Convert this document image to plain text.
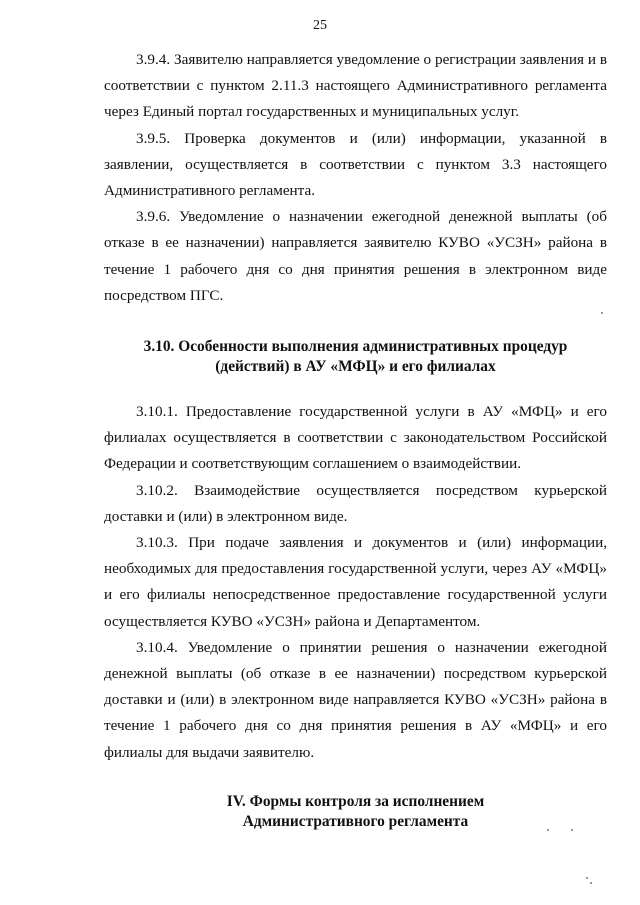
25

3.9.4. Заявителю направляется уведомление о регистрации заявления и в соответствии с пунктом 2.11.3 настоящего Административного регламента через Единый портал государственных и муниципальных услуг.

3.9.5. Проверка документов и (или) информации, указанной в заявлении, осуществляется в соответствии с пунктом 3.3 настоящего Административного регламента.

3.9.6. Уведомление о назначении ежегодной денежной выплаты (об отказе в ее назначении) направляется заявителю КУВО «УСЗН» района в течение 1 рабочего дня со дня принятия решения в электронном виде посредством ПГС.

3.10. Особенности выполнения административных процедур
(действий) в АУ «МФЦ» и его филиалах

3.10.1. Предоставление государственной услуги в АУ «МФЦ» и его филиалах осуществляется в соответствии с законодательством Российской Федерации и соответствующим соглашением о взаимодействии.

3.10.2. Взаимодействие осуществляется посредством курьерской доставки и (или) в электронном виде.

3.10.3. При подаче заявления и документов и (или) информации, необходимых для предоставления государственной услуги, через АУ «МФЦ» и его филиалы непосредственное предоставление государственной услуги осуществляется КУВО «УСЗН» района и Департаментом.

3.10.4. Уведомление о принятии решения о назначении ежегодной денежной выплаты (об отказе в ее назначении) посредством курьерской доставки и (или) в электронном виде направляется КУВО «УСЗН» района в течение 1 рабочего дня со дня принятия решения в АУ «МФЦ» и его филиалы для выдачи заявителю.

IV. Формы контроля за исполнением
Административного регламента
